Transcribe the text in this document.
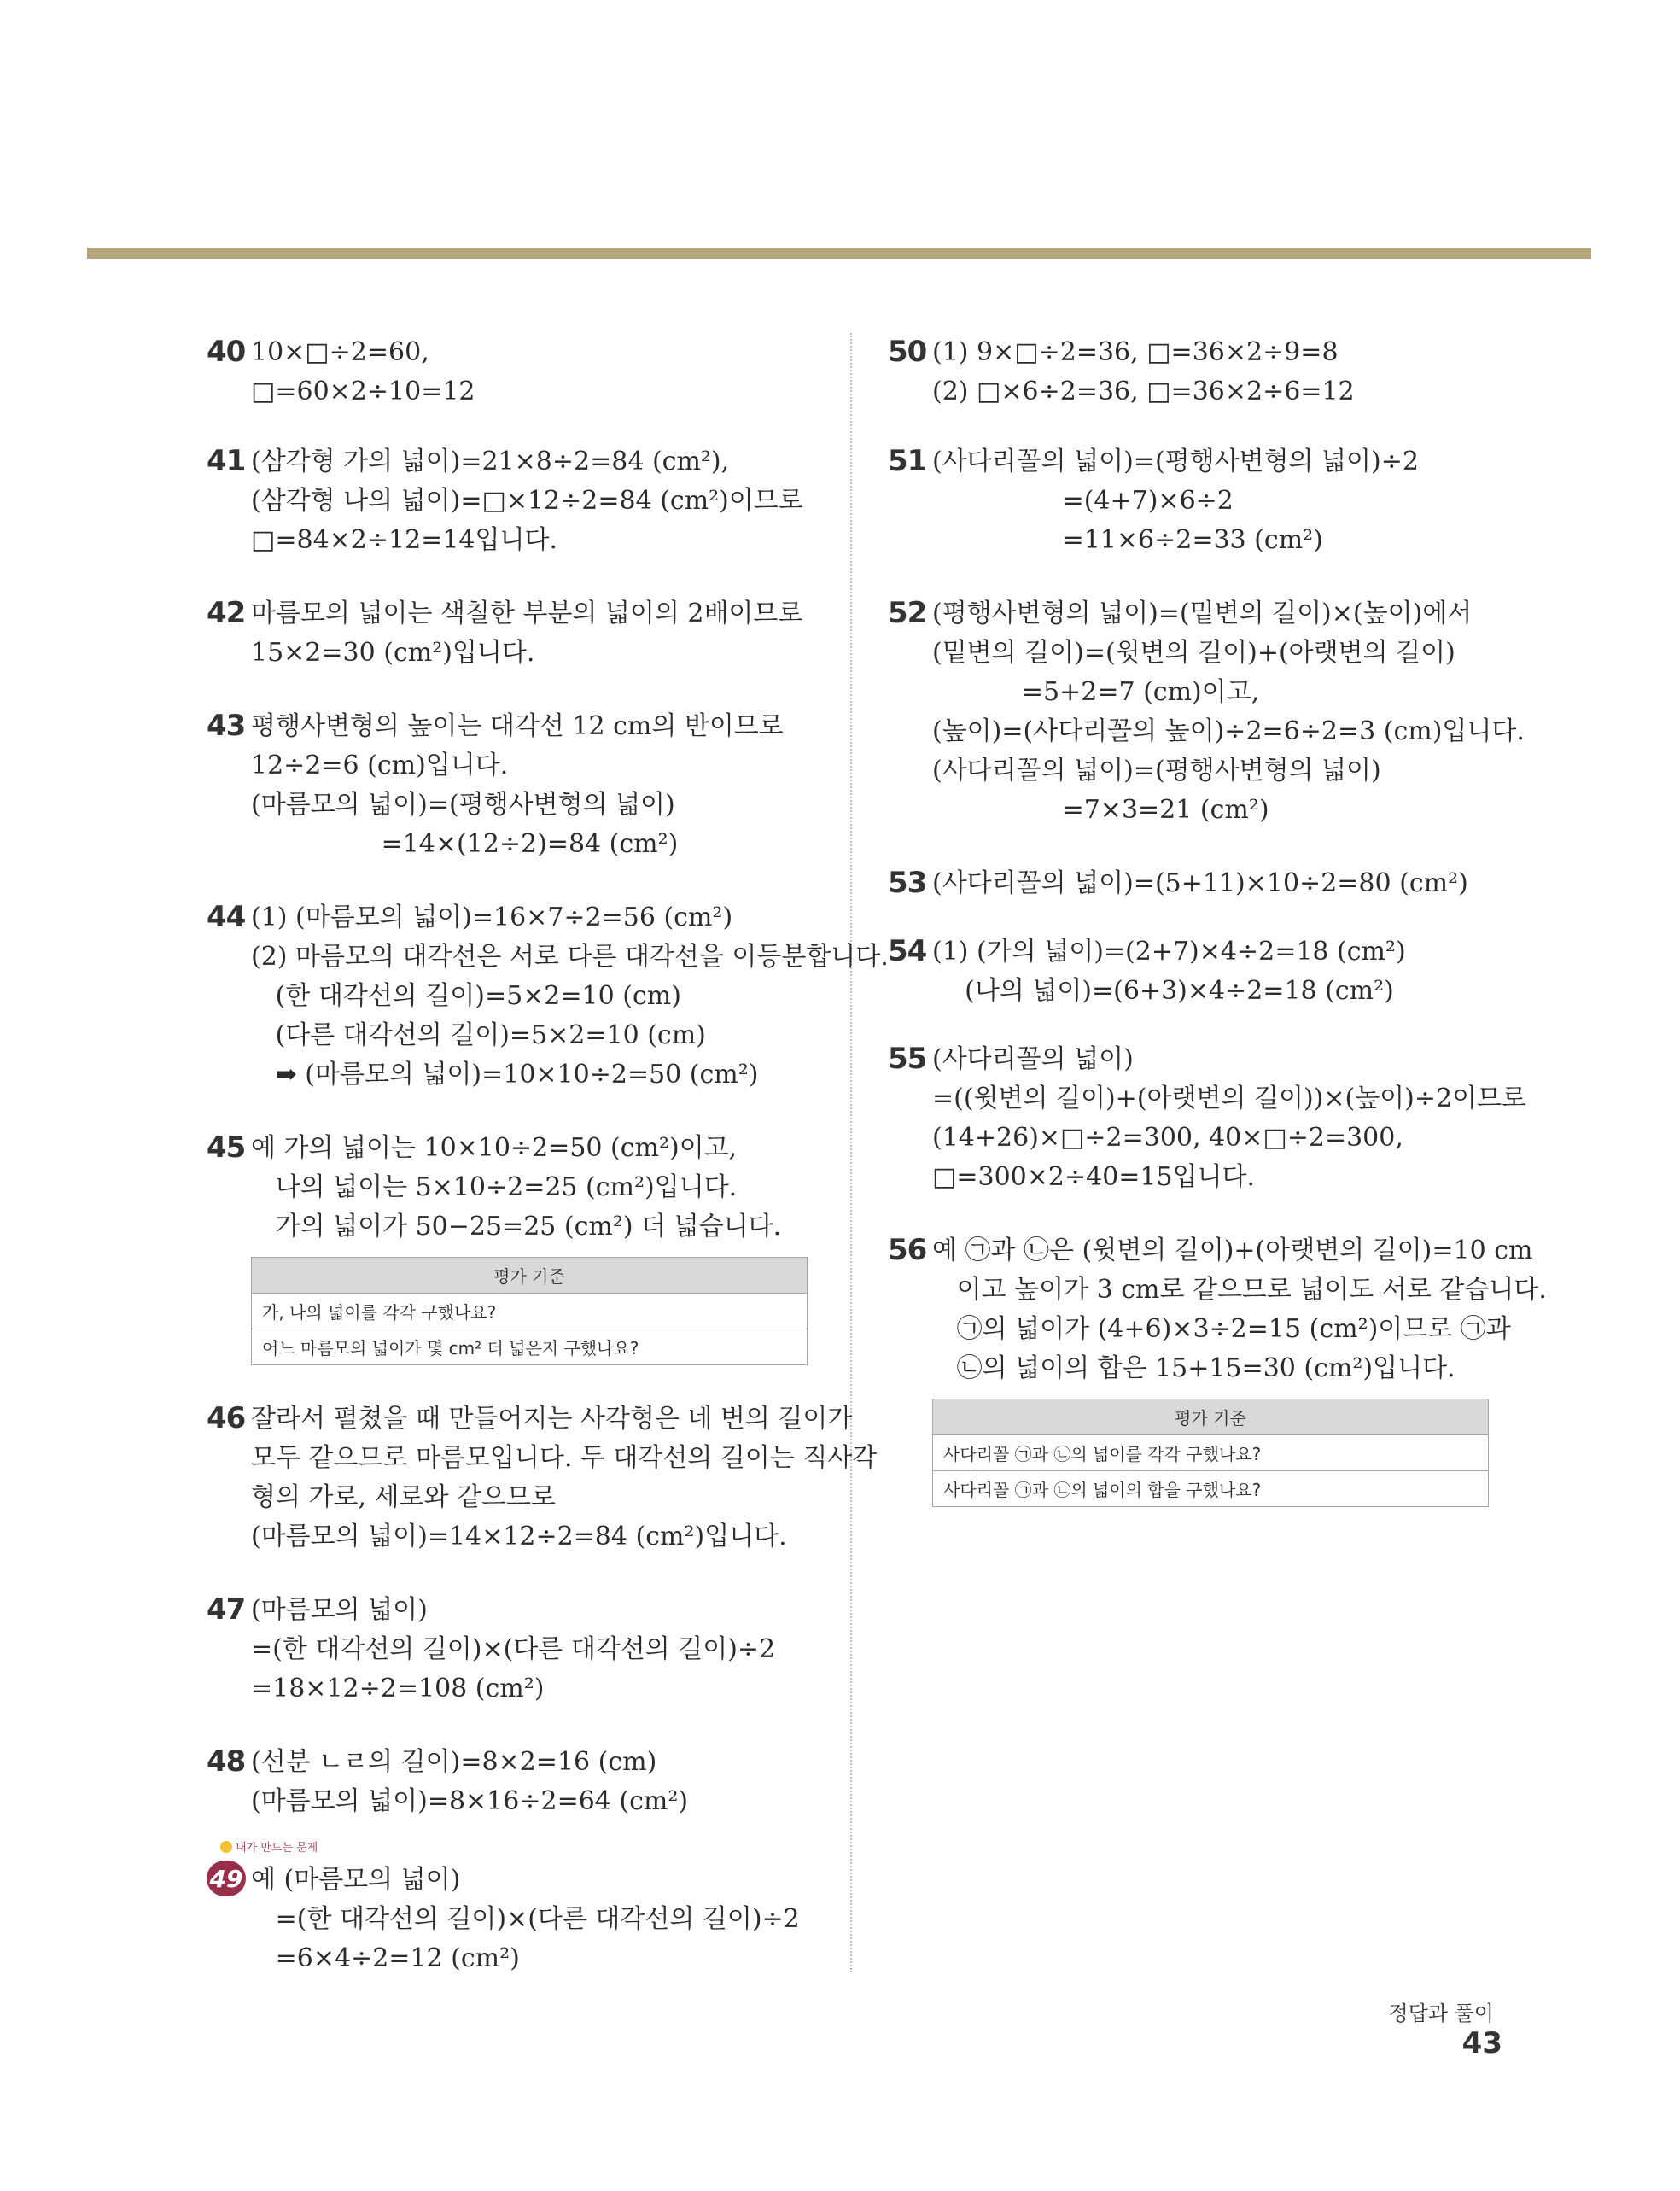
40 10×□÷2=60,
□=60×2÷10=12
41 (삼각형 가의 넓이)=21×8÷2=84 (cm²),
(삼각형 나의 넓이)=□×12÷2=84 (cm²)이므로
□=84×2÷12=14입니다.
42 마름모의 넓이는 색칠한 부분의 넓이의 2배이므로
15×2=30 (cm²)입니다.
43 평행사변형의 높이는 대각선 12 cm의 반이므로
12÷2=6 (cm)입니다.
(마름모의 넓이)=(평행사변형의 넓이)
=14×(12÷2)=84 (cm²)
44 (1) (마름모의 넓이)=16×7÷2=56 (cm²)
(2) 마름모의 대각선은 서로 다른 대각선을 이등분합니다.
(한 대각선의 길이)=5×2=10 (cm)
(다른 대각선의 길이)=5×2=10 (cm)
➡ (마름모의 넓이)=10×10÷2=50 (cm²)
45 예 가의 넓이는 10×10÷2=50 (cm²)이고,
나의 넓이는 5×10÷2=25 (cm²)입니다.
가의 넓이가 50−25=25 (cm²) 더 넓습니다.
평가 기준
가, 나의 넓이를 각각 구했나요?
어느 마름모의 넓이가 몇 cm² 더 넓은지 구했나요?
46 잘라서 펼쳤을 때 만들어지는 사각형은 네 변의 길이가
모두 같으므로 마름모입니다. 두 대각선의 길이는 직사각
형의 가로, 세로와 같으므로
(마름모의 넓이)=14×12÷2=84 (cm²)입니다.
47 (마름모의 넓이)
=(한 대각선의 길이)×(다른 대각선의 길이)÷2
=18×12÷2=108 (cm²)
48 (선분 ㄴㄹ의 길이)=8×2=16 (cm)
(마름모의 넓이)=8×16÷2=64 (cm²)
내가 만드는 문제
49 예 (마름모의 넓이)
=(한 대각선의 길이)×(다른 대각선의 길이)÷2
=6×4÷2=12 (cm²)
50 (1) 9×□÷2=36, □=36×2÷9=8
(2) □×6÷2=36, □=36×2÷6=12
51 (사다리꼴의 넓이)=(평행사변형의 넓이)÷2
=(4+7)×6÷2
=11×6÷2=33 (cm²)
52 (평행사변형의 넓이)=(밑변의 길이)×(높이)에서
(밑변의 길이)=(윗변의 길이)+(아랫변의 길이)
=5+2=7 (cm)이고,
(높이)=(사다리꼴의 높이)÷2=6÷2=3 (cm)입니다.
(사다리꼴의 넓이)=(평행사변형의 넓이)
=7×3=21 (cm²)
53 (사다리꼴의 넓이)=(5+11)×10÷2=80 (cm²)
54 (1) (가의 넓이)=(2+7)×4÷2=18 (cm²)
(나의 넓이)=(6+3)×4÷2=18 (cm²)
55 (사다리꼴의 넓이)
=((윗변의 길이)+(아랫변의 길이))×(높이)÷2이므로
(14+26)×□÷2=300, 40×□÷2=300,
□=300×2÷40=15입니다.
56 예 ㉠과 ㉡은 (윗변의 길이)+(아랫변의 길이)=10 cm
이고 높이가 3 cm로 같으므로 넓이도 서로 같습니다.
㉠의 넓이가 (4+6)×3÷2=15 (cm²)이므로 ㉠과
㉡의 넓이의 합은 15+15=30 (cm²)입니다.
평가 기준
사다리꼴 ㉠과 ㉡의 넓이를 각각 구했나요?
사다리꼴 ㉠과 ㉡의 넓이의 합을 구했나요?
정답과 풀이 43
